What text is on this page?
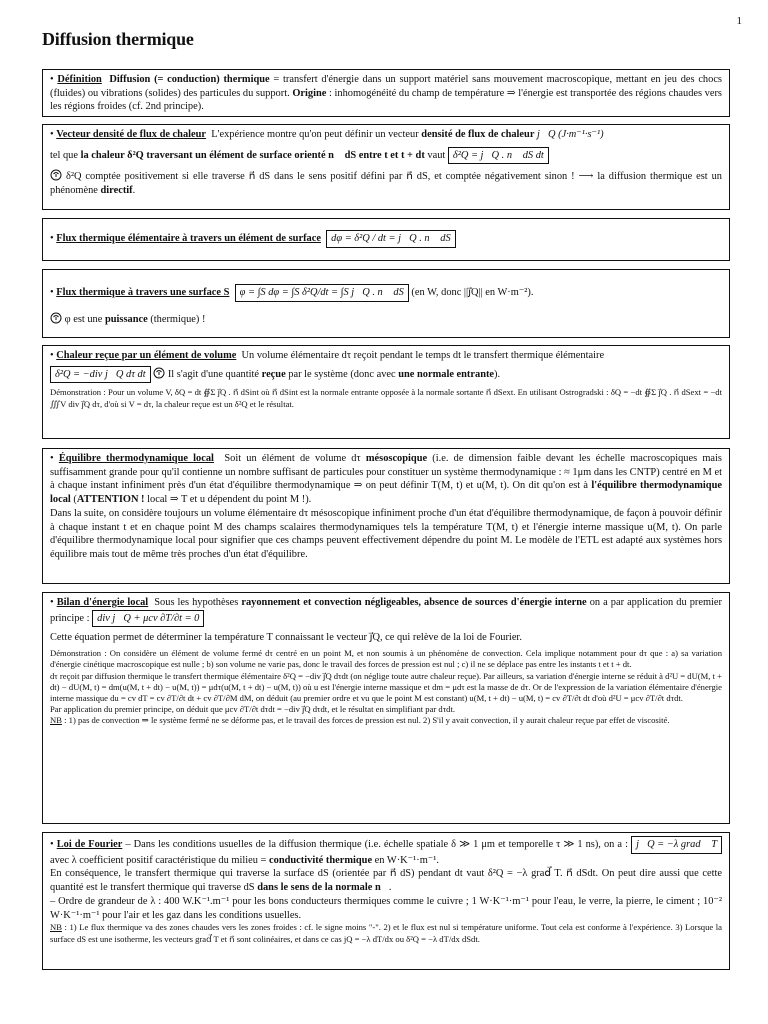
1
Diffusion thermique

• Définition Diffusion (= conduction) thermique = transfert d'énergie dans un support matériel sans mouvement macroscopique, mettant en jeu des chocs (fluides) ou vibrations (solides) des particules du support. Origine : inhomogénéité du champ de température ⇒ l'énergie est transportée des régions chaudes vers les régions froides (cf. 2nd principe).

• Vecteur densité de flux de chaleur L'expérience montre qu'on peut définir un vecteur densité de flux de chaleur j⃗Q (J·m⁻¹·s⁻¹)

tel que la chaleur δ²Q traversant un élément de surface orienté n⃗ dS entre t et t + dt vaut δ²Q = j⃗Q . n⃗ dS dt

δ²Q comptée positivement si elle traverse n⃗ dS dans le sens positif défini par n⃗ dS, et comptée négativement sinon ! ⟶ la diffusion thermique est un phénomène directif.

• Flux thermique élémentaire à travers un élément de surface dφ = δ²Q / dt = j⃗Q . n⃗ dS

• Flux thermique à travers une surface S φ = ∫S dφ = ∫S δ²Q/dt = ∫S j⃗Q . n⃗ dS (en W, donc ||j⃗Q|| en W·m⁻²).

φ est une puissance (thermique) !

• Chaleur reçue par un élément de volume Un volume élémentaire dτ reçoit pendant le temps dt le transfert thermique élémentaire

δ²Q = −div j⃗Q dτ dt Il s'agit d'une quantité reçue par le système (donc avec une normale entrante).

Démonstration : Pour un volume V, δQ = dt ∯Σ j⃗Q . n⃗ dSint où n⃗ dSint est la normale entrante opposée à la normale sortante n⃗ dSext. En utilisant Ostrogradski : δQ = −dt ∯Σ j⃗Q . n⃗ dSext = −dt ∭V div j⃗Q dτ, d'où si V = dτ, la chaleur reçue est un δ²Q et le résultat.

• Équilibre thermodynamique local Soit un élément de volume dτ mésoscopique (i.e. de dimension faible devant les échelle macroscopiques mais suffisamment grande pour qu'il contienne un nombre suffisant de particules pour constituer un système thermodynamique : ≈ 1μm dans les CNTP) centré en M et à chaque instant infiniment près d'un état d'équilibre thermodynamique ⇒ on peut définir T(M, t) et u(M, t). On dit qu'on est à l'équilibre thermodynamique local (ATTENTION ! local ⇒ T et u dépendent du point M !).

Dans la suite, on considère toujours un volume élémentaire dτ mésoscopique infiniment proche d'un état d'équilibre thermodynamique, de façon à pouvoir définir à chaque instant t et en chaque point M des champs scalaires thermodynamiques tels la température T(M, t) et l'énergie interne massique u(M, t). On parle d'équilibre thermodynamique local pour signifier que ces champs peuvent effectivement dépendre du point M. Le modèle de l'ETL est adapté aux systèmes hors équilibre mais tout de même très proches d'un état d'équilibre.

• Bilan d'énergie local Sous les hypothèses rayonnement et convection négligeables, absence de sources d'énergie interne on a par application du premier principe : div j⃗Q + μcv ∂T/∂t = 0

Cette équation permet de déterminer la température T connaissant le vecteur j⃗Q, ce qui relève de la loi de Fourier.

Démonstration : On considère un élément de volume fermé dτ centré en un point M, et non soumis à un phénomène de convection. Cela implique notamment pour dτ que : a) sa variation d'énergie cinétique macroscopique est nulle ; b) son volume ne varie pas, donc le travail des forces de pression est nul ; c) il ne se déplace pas entre les instants t et t + dt.

dτ reçoit par diffusion thermique le transfert thermique élémentaire δ²Q = −div j⃗Q dτdt (on néglige toute autre chaleur reçue). Par ailleurs, sa variation d'énergie interne se réduit à d²U = dU(M, t + dt) − dU(M, t) = dm(u(M, t + dt) − u(M, t)) = μdτ(u(M, t + dt) − u(M, t)) où u est l'énergie interne massique et dm = μdτ est la masse de dτ. Or de l'expression de la variation élémentaire d'énergie interne massique du = cv dT = cv ∂T/∂t dt + cv ∂T/∂M dM, on déduit (au premier ordre et vu que le point M est constant) u(M, t + dt) − u(M, t) = cv ∂T/∂t dt d'où d²U = μcv ∂T/∂t dτdt.

Par application du premier principe, on déduit que μcv ∂T/∂t dτdt = −div j⃗Q dτdt, et le résultat en simplifiant par dτdt.

NB : 1) pas de convection ⇒ le système fermé ne se déforme pas, et le travail des forces de pression est nul. 2) S'il y avait convection, il y aurait chaleur reçue par effet de viscosité.

• Loi de Fourier – Dans les conditions usuelles de la diffusion thermique (i.e. échelle spatiale δ ≫ 1 μm et temporelle τ ≫ 1 ns), on a : j⃗Q = −λ grad⃗ T avec λ coefficient positif caractéristique du milieu = conductivité thermique en W·K⁻¹·m⁻¹.

En conséquence, le transfert thermique qui traverse la surface dS (orientée par n⃗ dS) pendant dt vaut δ²Q = −λ grad⃗ T. n⃗ dSdt. On peut dire aussi que cette quantité est le transfert thermique qui traverse dS dans le sens de la normale n⃗.

– Ordre de grandeur de λ : 400 W.K⁻¹.m⁻¹ pour les bons conducteurs thermiques comme le cuivre ; 1 W·K⁻¹·m⁻¹ pour l'eau, le verre, la pierre, le ciment ; 10⁻² W·K⁻¹·m⁻¹ pour l'air et les gaz dans les conditions usuelles.

NB : 1) Le flux thermique va des zones chaudes vers les zones froides : cf. le signe moins "-". 2) et le flux est nul si température uniforme. Tout cela est conforme à l'expérience. 3) Lorsque la surface dS est une isotherme, les vecteurs grad⃗ T et n⃗ sont colinéaires, et dans ce cas jQ = −λ dT/dx ou δ²Q = −λ dT/dx dSdt.
